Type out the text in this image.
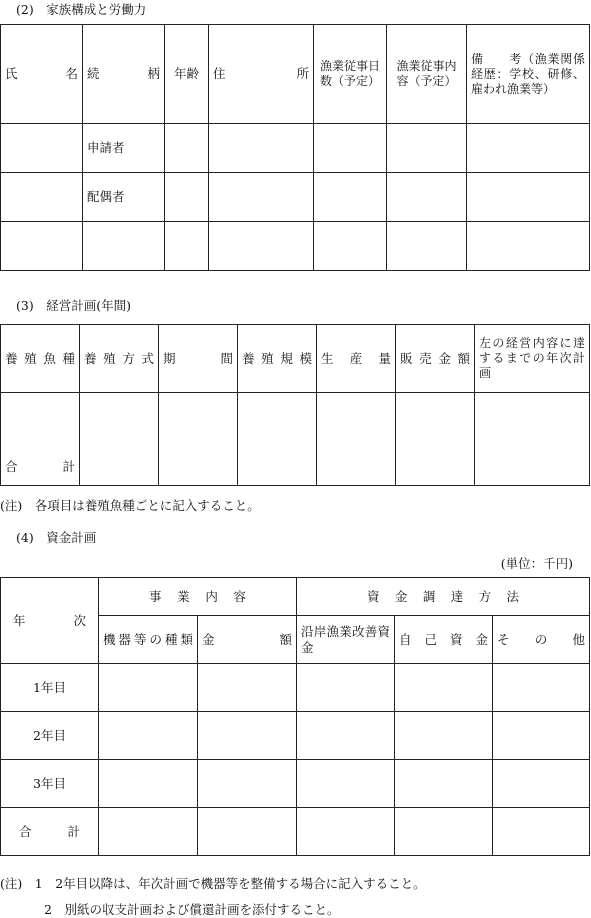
(2)　家族構成と労働力
氏　　名	続　　柄	年齢	住　　　所	漁業従事日数（予定）	漁業従事内容（予定）	備　　考（漁業関係経歴：学校、研修、雇われ漁業等）
	申請者					
	配偶者					

(3)　経営計画(年間)
養殖魚種	養殖方式	期　　間	養殖規模	生 産 量	販売金額	左の経営内容に達するまでの年次計画

合　　計						

(注)　各項目は養殖魚種ごとに記入すること。
(4)　資金計画
(単位：千円)
年　　次	事　業　内　容		資　金　調　達　方　法		
	機器等の種類	金　　額	沿岸漁業改善資金	自己資金	そ の 他
1年目					
2年目					
3年目					
合　　計					
(注)　1　2年目以降は、年次計画で機器等を整備する場合に記入すること。
2　別紙の収支計画および償還計画を添付すること。
